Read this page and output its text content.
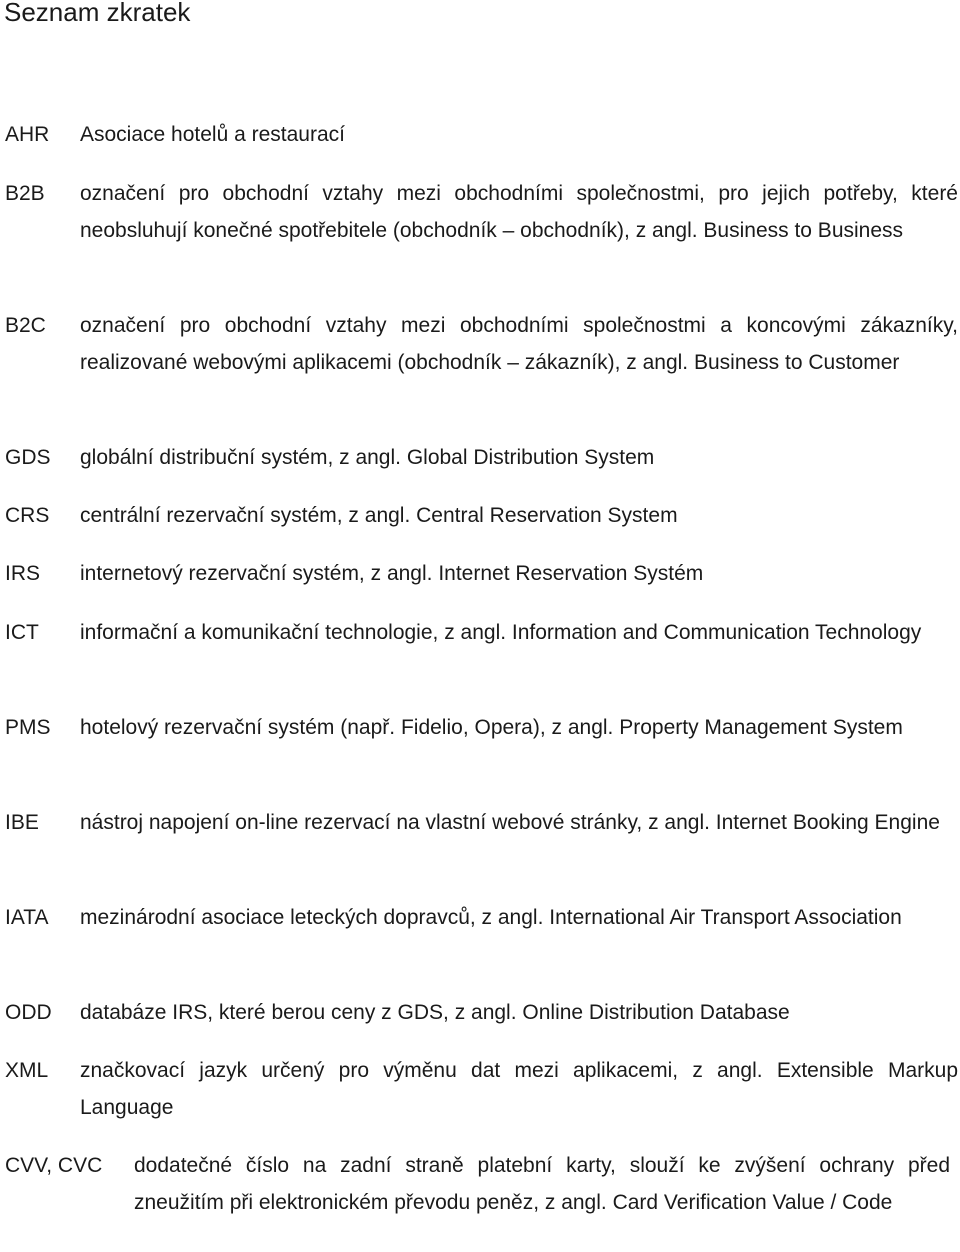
Seznam zkratek
AHR Asociace hotelů a restaurací
B2B označení pro obchodní vztahy mezi obchodními společnostmi, pro jejich potřeby, které neobsluhují konečné spotřebitele (obchodník – obchodník), z angl. Business to Business
B2C označení pro obchodní vztahy mezi obchodními společnostmi a koncovými zákazníky, realizované webovými aplikacemi (obchodník – zákazník), z angl. Business to Customer
GDS globální distribuční systém, z angl. Global Distribution System
CRS centrální rezervační systém, z angl. Central Reservation System
IRS internetový rezervační systém, z angl. Internet Reservation Systém
ICT informační a komunikační technologie, z angl. Information and Communication Technology
PMS hotelový rezervační systém (např. Fidelio, Opera), z angl. Property Management System
IBE nástroj napojení on-line rezervací na vlastní webové stránky, z angl. Internet Booking Engine
IATA mezinárodní asociace leteckých dopravců, z angl. International Air Transport Association
ODD databáze IRS, které berou ceny z GDS, z angl. Online Distribution Database
XML značkovací jazyk určený pro výměnu dat mezi aplikacemi, z angl. Extensible Markup Language
CVV, CVC dodatečné číslo na zadní straně platební karty, slouží ke zvýšení ochrany před zneužitím při elektronickém převodu peněz, z angl. Card Verification Value / Code
